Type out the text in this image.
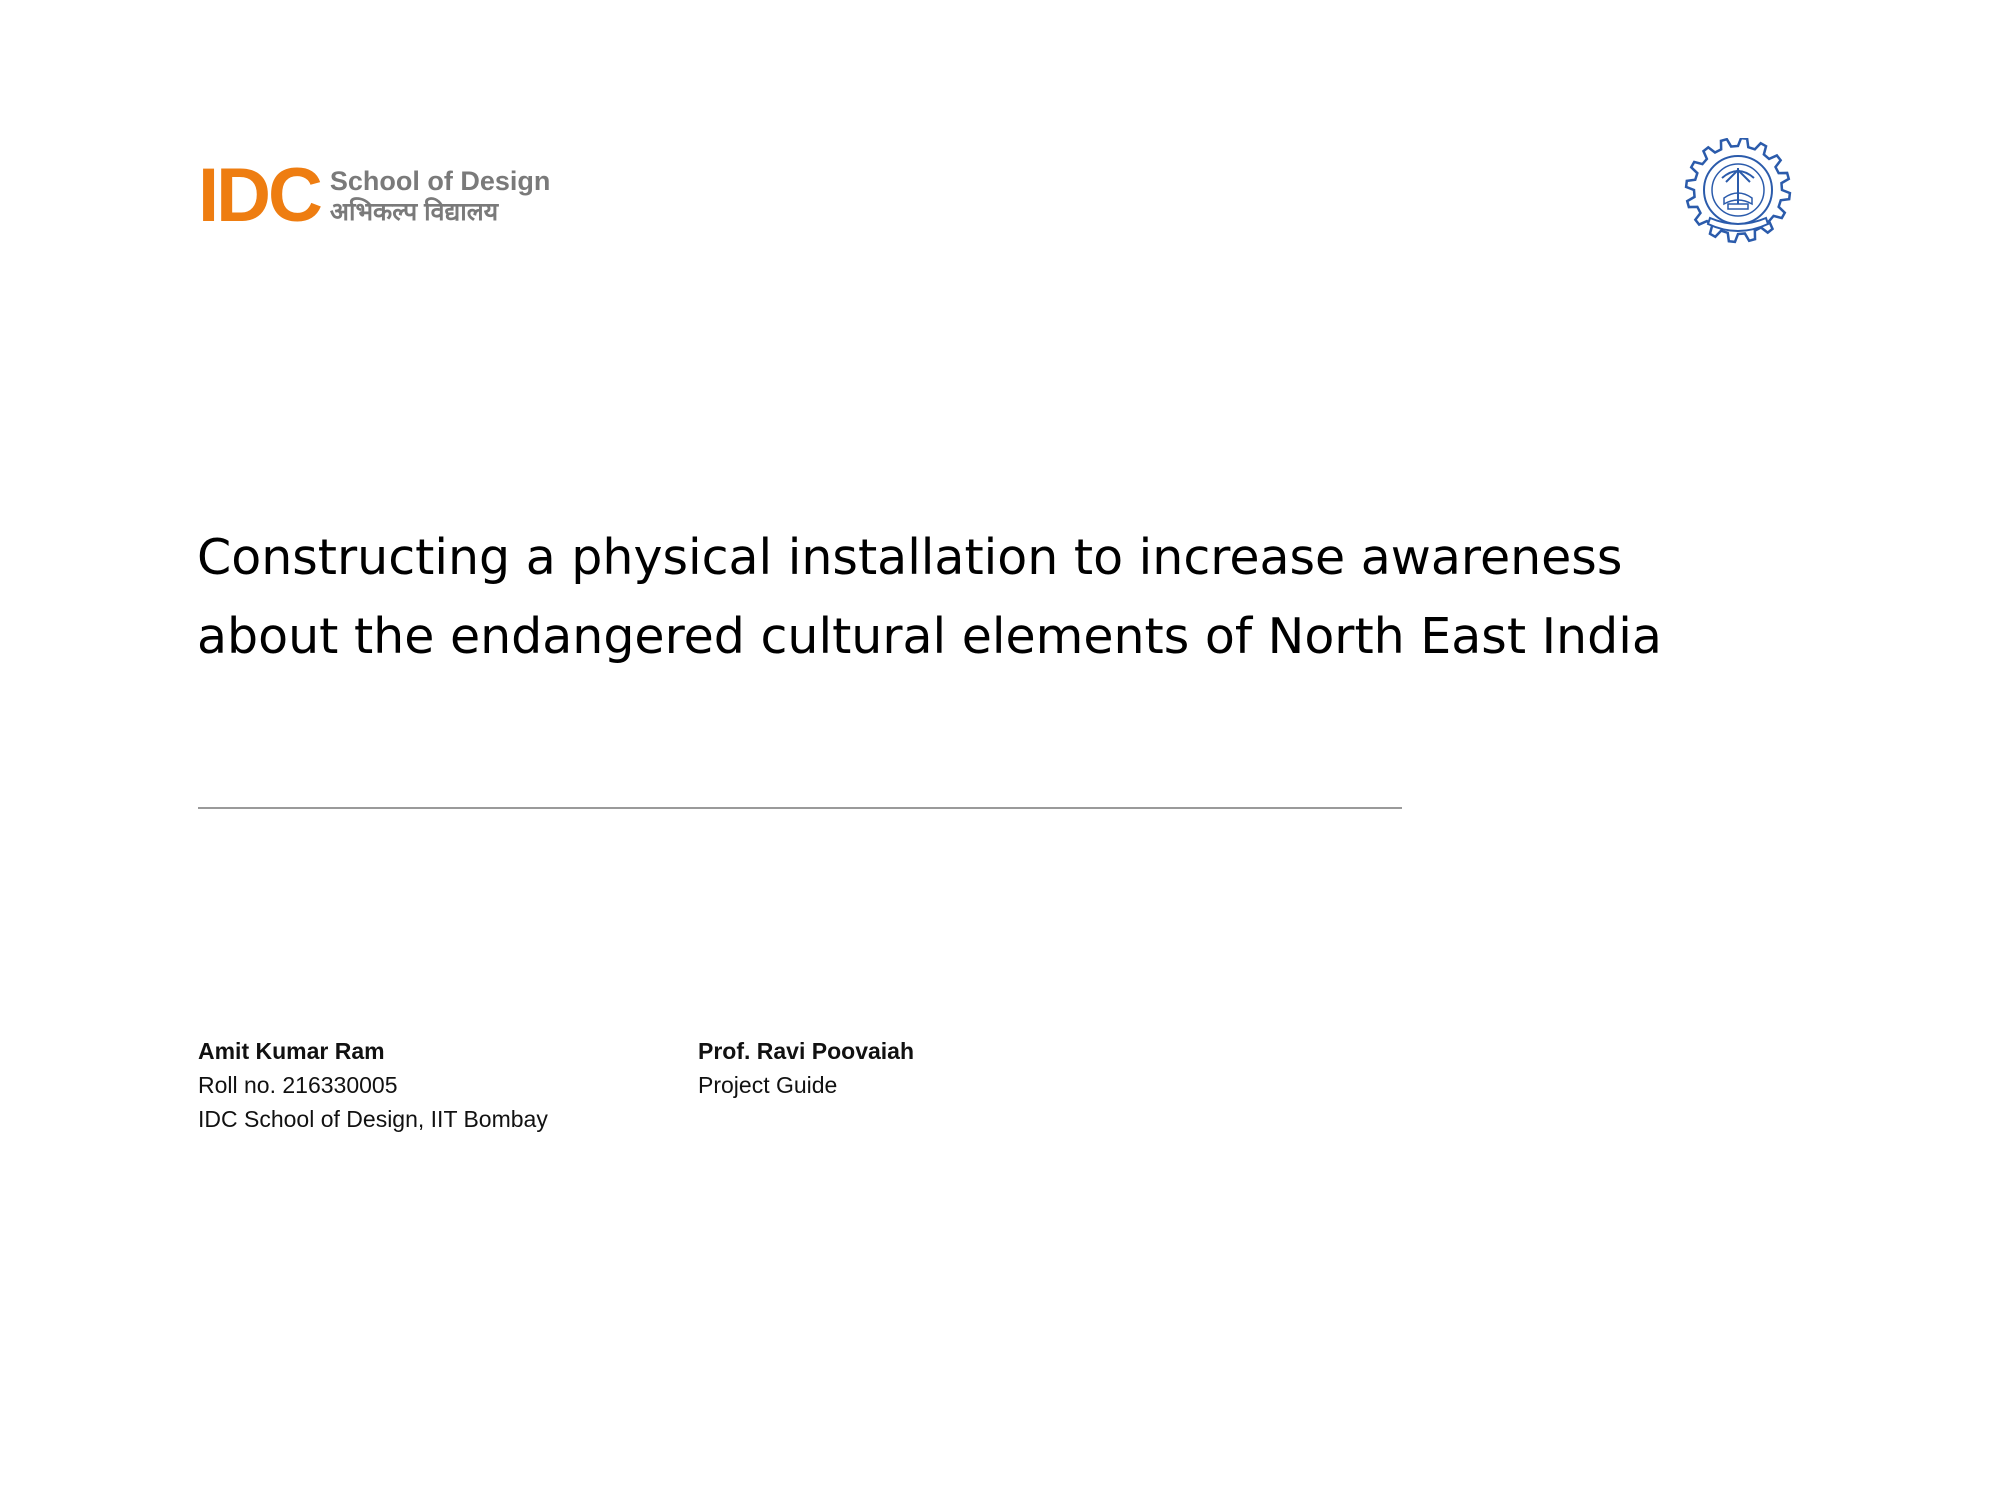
IDC School of Design
अभिकल्प विद्यालय
Constructing a physical installation to increase awareness
about the endangered cultural elements of North East India
Amit Kumar Ram
Roll no. 216330005
IDC School of Design, IIT Bombay
Prof. Ravi Poovaiah
Project Guide
